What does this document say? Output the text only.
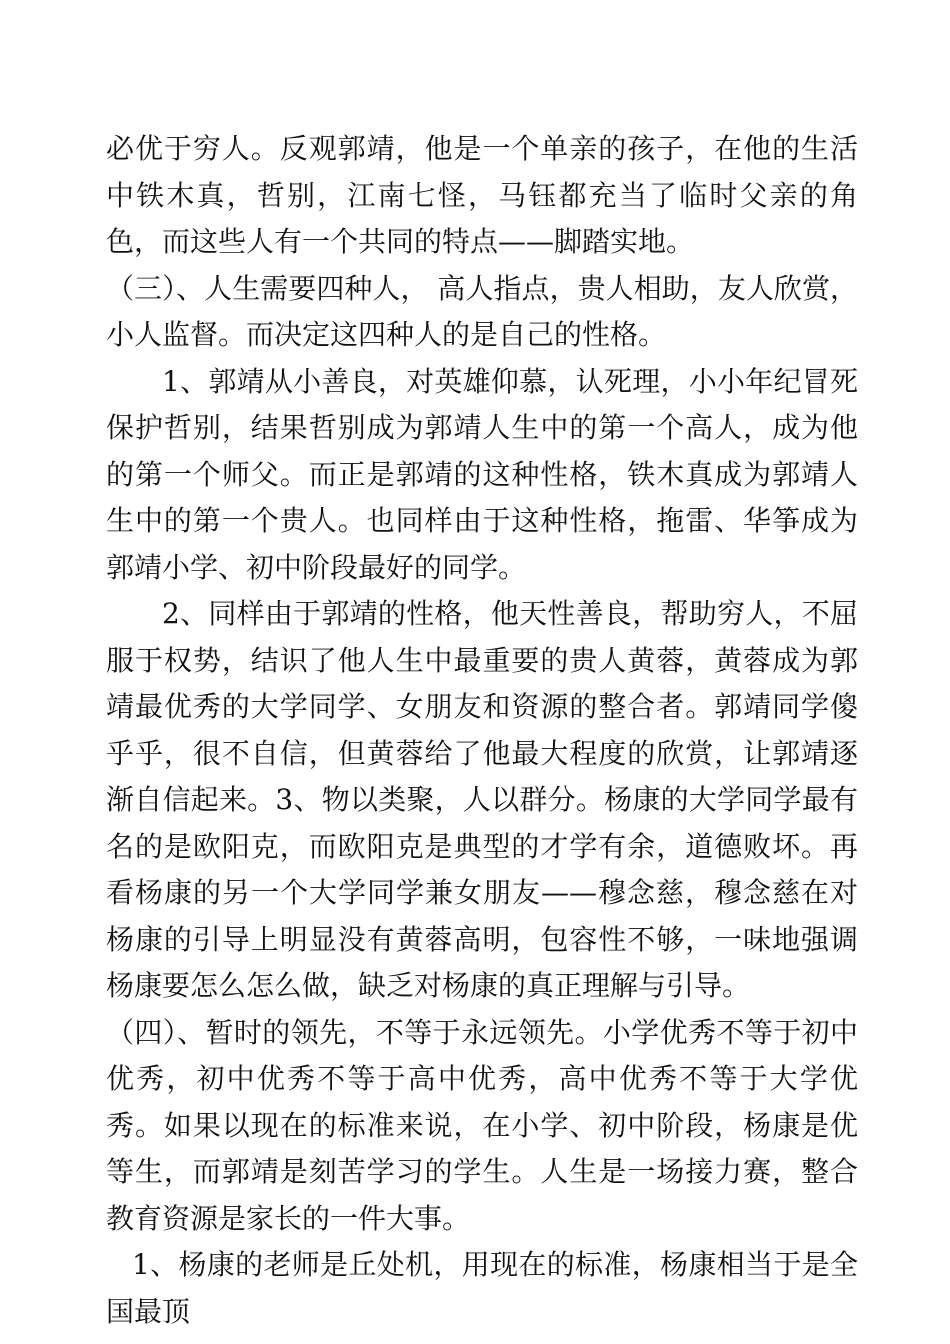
必优于穷人。反观郭靖，他是一个单亲的孩子，在他的生活中铁木真，哲别，江南七怪，马钰都充当了临时父亲的角色，而这些人有一个共同的特点——脚踏实地。

（三）、人生需要四种人， 高人指点，贵人相助，友人欣赏，小人监督。而决定这四种人的是自己的性格。

1、郭靖从小善良，对英雄仰慕，认死理，小小年纪冒死保护哲别，结果哲别成为郭靖人生中的第一个高人，成为他的第一个师父。而正是郭靖的这种性格，铁木真成为郭靖人生中的第一个贵人。也同样由于这种性格，拖雷、华筝成为郭靖小学、初中阶段最好的同学。

2、同样由于郭靖的性格，他天性善良，帮助穷人，不屈服于权势，结识了他人生中最重要的贵人黄蓉，黄蓉成为郭靖最优秀的大学同学、女朋友和资源的整合者。郭靖同学傻乎乎，很不自信，但黄蓉给了他最大程度的欣赏，让郭靖逐渐自信起来。3、物以类聚，人以群分。杨康的大学同学最有名的是欧阳克，而欧阳克是典型的才学有余，道德败坏。再看杨康的另一个大学同学兼女朋友——穆念慈，穆念慈在对杨康的引导上明显没有黄蓉高明，包容性不够，一味地强调杨康要怎么怎么做，缺乏对杨康的真正理解与引导。

（四）、暂时的领先，不等于永远领先。小学优秀不等于初中优秀，初中优秀不等于高中优秀，高中优秀不等于大学优秀。如果以现在的标准来说，在小学、初中阶段，杨康是优等生，而郭靖是刻苦学习的学生。人生是一场接力赛，整合教育资源是家长的一件大事。

1、杨康的老师是丘处机，用现在的标准，杨康相当于是全国最顶
